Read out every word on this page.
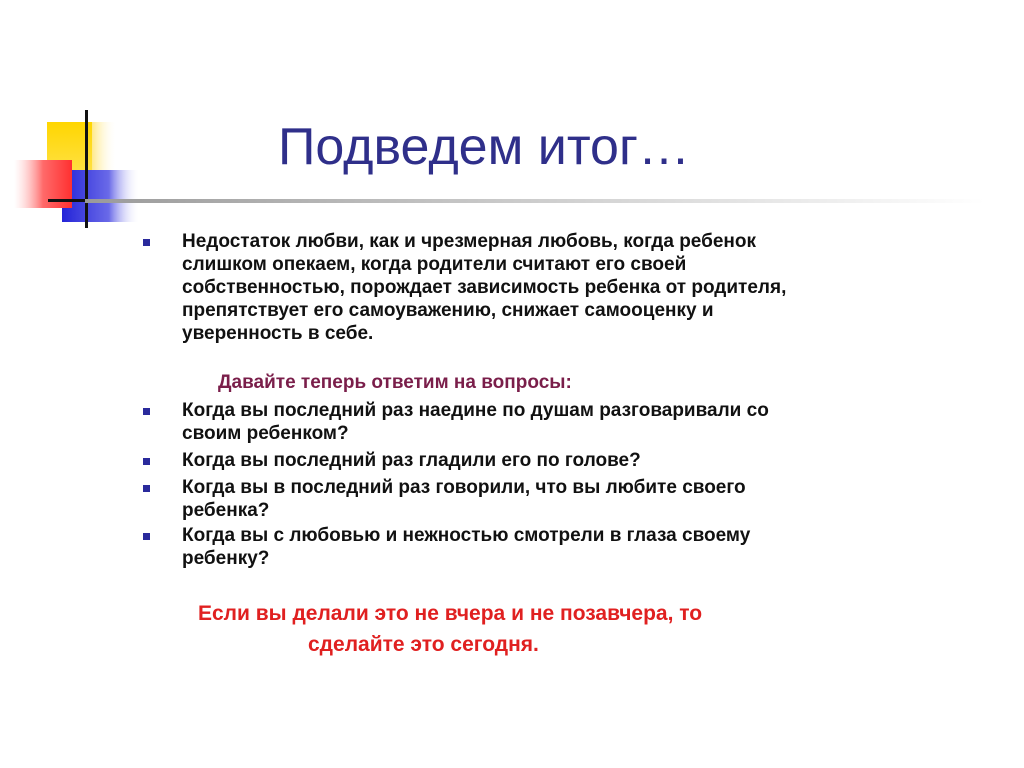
Подведем итог…

Недостаток любви, как и чрезмерная любовь, когда ребенок
слишком опекаем, когда родители считают его своей
собственностью, порождает зависимость ребенка от родителя,
препятствует его самоуважению, снижает самооценку и
уверенность в себе.

Давайте теперь ответим на вопросы:

Когда вы последний раз наедине по душам разговаривали со
своим ребенком?

Когда вы последний раз гладили его по голове?

Когда вы в последний раз говорили, что вы любите своего
ребенка?

Когда вы с любовью и нежностью смотрели в глаза своему
ребенку?

Если вы делали это не вчера и не позавчера, то

сделайте это сегодня.
